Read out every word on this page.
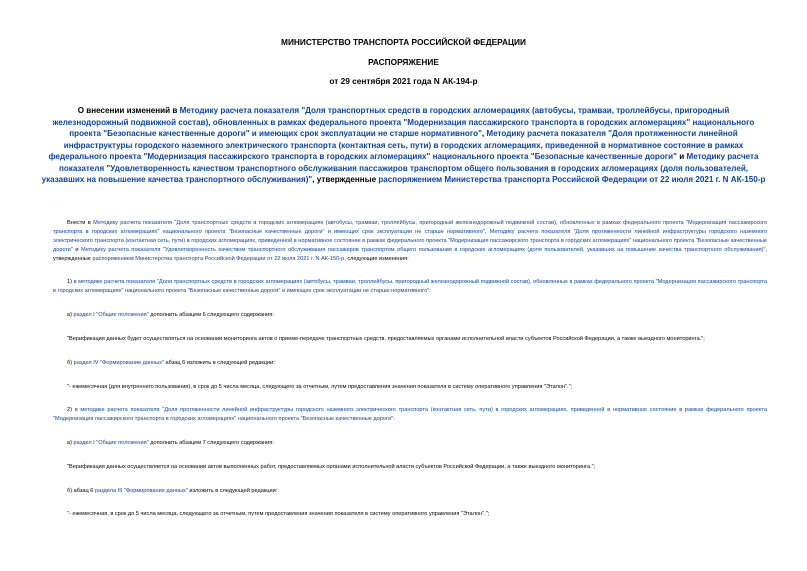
МИНИСТЕРСТВО ТРАНСПОРТА РОССИЙСКОЙ ФЕДЕРАЦИИ
РАСПОРЯЖЕНИЕ
от 29 сентября 2021 года N АК-194-р
О внесении изменений в Методику расчета показателя "Доля транспортных средств в городских агломерациях (автобусы, трамваи, троллейбусы, пригородный железнодорожный подвижной состав), обновленных в рамках федерального проекта "Модернизация пассажирского транспорта в городских агломерациях" национального проекта "Безопасные качественные дороги" и имеющих срок эксплуатации не старше нормативного", Методику расчета показателя "Доля протяженности линейной инфраструктуры городского наземного электрического транспорта (контактная сеть, пути) в городских агломерациях, приведенной в нормативное состояние в рамках федерального проекта "Модернизация пассажирского транспорта в городских агломерациях" национального проекта "Безопасные качественные дороги" и Методику расчета показателя "Удовлетворенность качеством транспортного обслуживания пассажиров транспортом общего пользования в городских агломерациях (доля пользователей, указавших на повышение качества транспортного обслуживания)", утвержденные распоряжением Министерства транспорта Российской Федерации от 22 июля 2021 г. N АК-150-р

Внести в Методику расчета показателя "Доля транспортных средств в городских агломерациях (автобусы, трамваи, троллейбусы, пригородный железнодорожный подвижной состав), обновленных в рамках федерального проекта "Модернизация пассажирского транспорта в городских агломерациях" национального проекта "Безопасные качественные дороги" и имеющих срок эксплуатации не старше нормативного", Методику расчета показателя "Доля протяженности линейной инфраструктуры городского наземного электрического транспорта (контактная сеть, пути) в городских агломерациях, приведенной в нормативное состояние в рамках федерального проекта "Модернизация пассажирского транспорта в городских агломерациях" национального проекта "Безопасные качественные дороги" и Методику расчета показателя "Удовлетворенность качеством транспортного обслуживания пассажиров транспортом общего пользования в городских агломерациях (доля пользователей, указавших на повышение качества транспортного обслуживания)", утвержденные распоряжением Министерства транспорта Российской Федерации от 22 июля 2021 г. N АК-150-р, следующие изменения:

1) в методике расчета показателя "Доля транспортных средств в городских агломерациях (автобусы, трамваи, троллейбусы, пригородный железнодорожный подвижной состав), обновленных в рамках федерального проекта "Модернизация пассажирского транспорта в городских агломерациях" национального проекта "Безопасные качественные дороги" и имеющих срок эксплуатации не старше нормативного":

а) раздел I "Общие положения" дополнить абзацем 6 следующего содержания:

"Верификация данных будет осуществляться на основании мониторинга актов о приеме-передаче транспортных средств, предоставляемых органами исполнительной власти субъектов Российской Федерации, а также выездного мониторинга.";

б) раздел IV "Формирование данных" абзац 6 изложить в следующей редакции:

"- ежемесячная (для внутреннего пользования), в срок до 5 числа месяца, следующего за отчетным, путем предоставления значения показателя в систему оперативного управления "Эталон".";

2) в методике расчета показателя "Доля протяженности линейной инфраструктуры городского наземного электрического транспорта (контактная сеть, пути) в городских агломерациях, приведенной в нормативное состояние в рамках федерального проекта "Модернизация пассажирского транспорта в городских агломерациях" национального проекта "Безопасные качественные дороги":

а) раздел I "Общие положения" дополнить абзацем 7 следующего содержания:

"Верификация данных осуществляется на основании актов выполненных работ, предоставляемых органами исполнительной власти субъектов Российской Федерации, а также выездного мониторинга.";

б) абзац 6 раздела III "Формирование данных" изложить в следующей редакции:

"- ежемесячная, в срок до 5 числа месяца, следующего за отчетным, путем предоставления значения показателя в систему оперативного управления "Эталон".";
